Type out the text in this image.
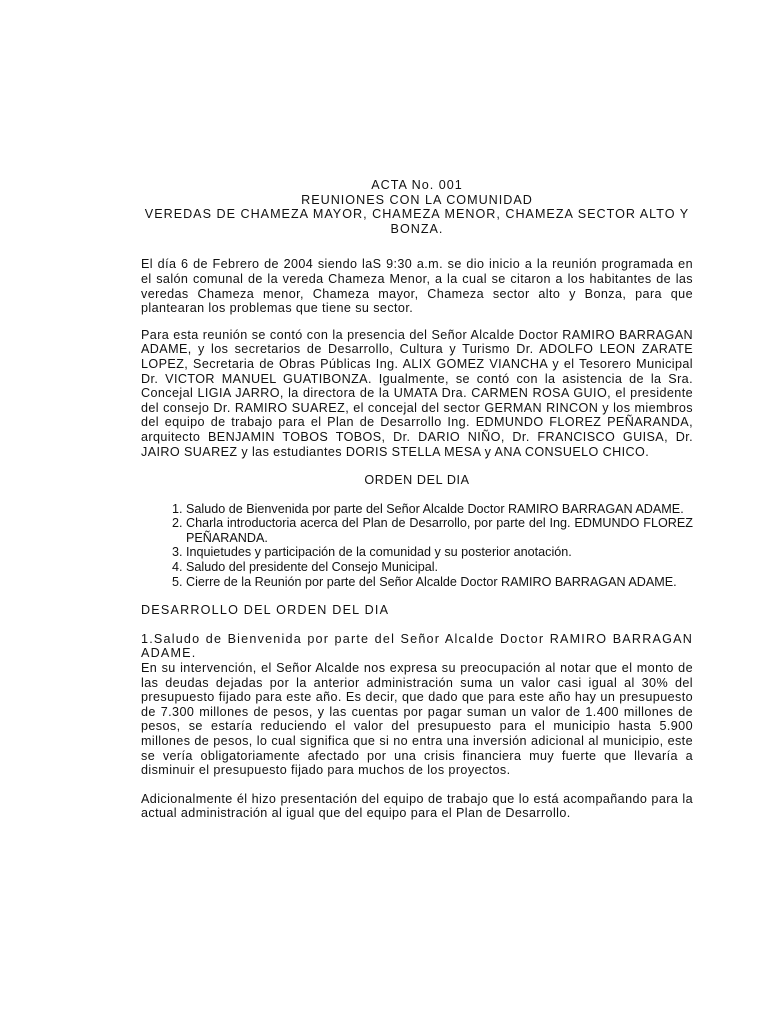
ACTA No. 001
REUNIONES CON LA COMUNIDAD
VEREDAS DE CHAMEZA MAYOR, CHAMEZA MENOR, CHAMEZA SECTOR ALTO Y BONZA.

El día 6 de Febrero de 2004 siendo laS 9:30 a.m. se dio inicio a la reunión programada en el salón comunal de la vereda Chameza Menor, a la cual se citaron a los habitantes de las veredas Chameza menor, Chameza mayor, Chameza sector alto y Bonza, para que plantearan los problemas que tiene su sector.

Para esta reunión se contó con la presencia del Señor Alcalde Doctor RAMIRO BARRAGAN ADAME, y los secretarios de Desarrollo, Cultura y Turismo Dr. ADOLFO LEON ZARATE LOPEZ, Secretaria de Obras Públicas Ing. ALIX GOMEZ VIANCHA y el Tesorero Municipal Dr. VICTOR MANUEL GUATIBONZA. Igualmente, se contó con la asistencia de la Sra. Concejal LIGIA JARRO, la directora de la UMATA Dra. CARMEN ROSA GUIO, el presidente del consejo Dr. RAMIRO SUAREZ, el concejal del sector GERMAN RINCON y los miembros del equipo de trabajo para el Plan de Desarrollo Ing. EDMUNDO FLOREZ PEÑARANDA, arquitecto BENJAMIN TOBOS TOBOS, Dr. DARIO NIÑO, Dr. FRANCISCO GUISA, Dr. JAIRO SUAREZ y las estudiantes DORIS STELLA MESA y ANA CONSUELO CHICO.

ORDEN DEL DIA
1. Saludo de Bienvenida por parte del Señor Alcalde Doctor RAMIRO BARRAGAN ADAME.
2. Charla introductoria acerca del Plan de Desarrollo, por parte del Ing. EDMUNDO FLOREZ PEÑARANDA.
3. Inquietudes y participación de la comunidad y su posterior anotación.
4. Saludo del presidente del Consejo Municipal.
5. Cierre de la Reunión por parte del Señor Alcalde Doctor RAMIRO BARRAGAN ADAME.
DESARROLLO DEL ORDEN DEL DIA

1.Saludo de Bienvenida por parte del Señor Alcalde Doctor RAMIRO BARRAGAN ADAME.

En su intervención, el Señor Alcalde nos expresa su preocupación al notar que el monto de las deudas dejadas por la anterior administración suma un valor casi igual al 30% del presupuesto fijado para este año. Es decir, que dado que para este año hay un presupuesto de 7.300 millones de pesos, y las cuentas por pagar suman un valor de 1.400 millones de pesos, se estaría reduciendo el valor del presupuesto para el municipio hasta 5.900 millones de pesos, lo cual significa que si no entra una inversión adicional al municipio, este se vería obligatoriamente afectado por una crisis financiera muy fuerte que llevaría a disminuir el presupuesto fijado para muchos de los proyectos.

Adicionalmente él hizo presentación del equipo de trabajo que lo está acompañando para la actual administración al igual que del equipo para el Plan de Desarrollo.
